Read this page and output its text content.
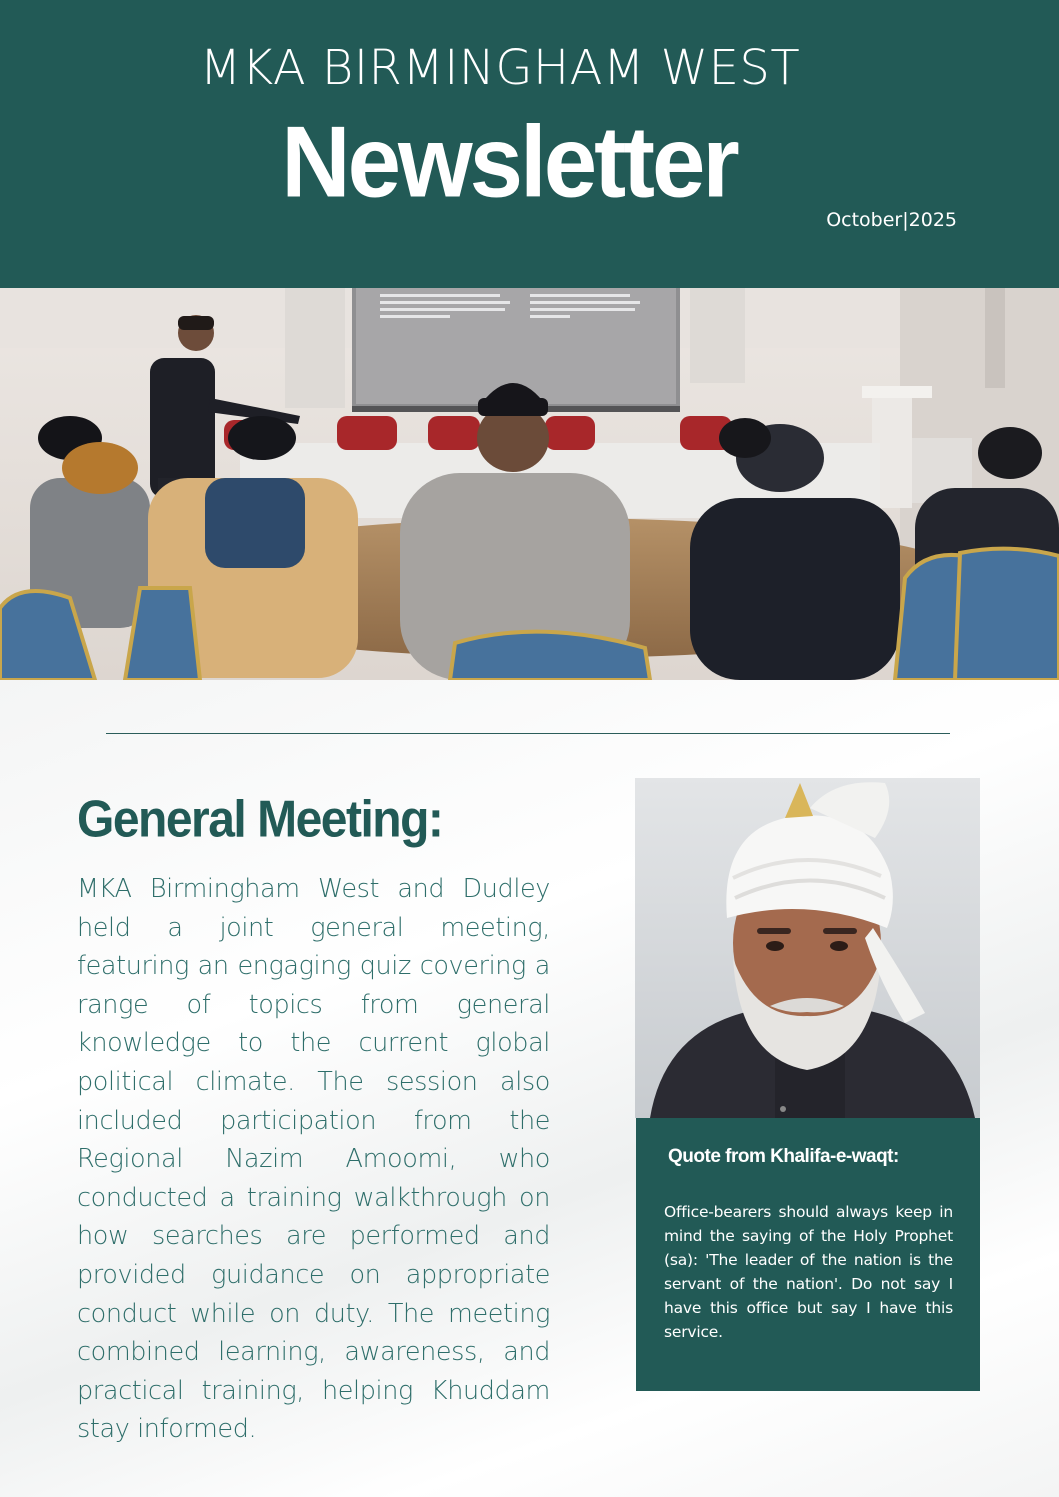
MKA BIRMINGHAM WEST
Newsletter
October|2025
General Meeting:
MKA Birmingham West and Dudley held a joint general meeting, featuring an engaging quiz covering a range of topics from general knowledge to the current global political climate. The session also included participation from the Regional Nazim Amoomi, who conducted a training walkthrough on how searches are performed and provided guidance on appropriate conduct while on duty. The meeting combined learning, awareness, and practical training, helping Khuddam stay informed.
Quote from Khalifa-e-waqt:
Office-bearers should always keep in mind the saying of the Holy Prophet (sa): 'The leader of the nation is the servant of the nation'. Do not say I have this office but say I have this service.
